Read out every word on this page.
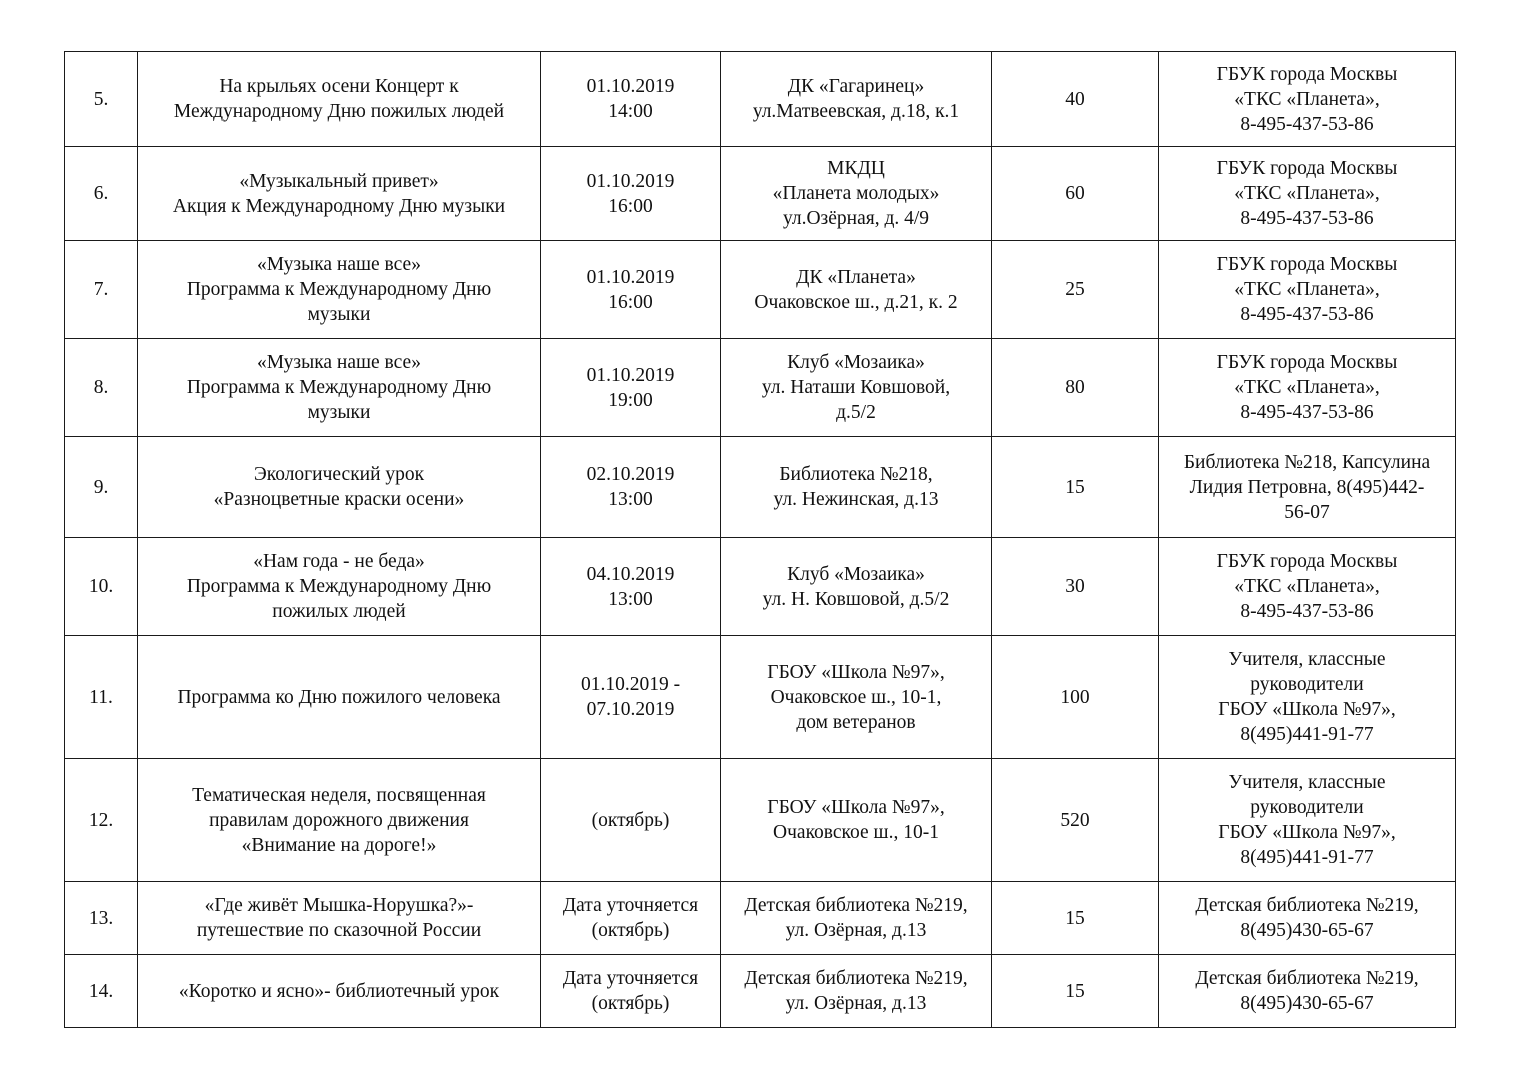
5.	На крыльях осени Концерт к
Международному Дню пожилых людей	01.10.2019
14:00	ДК «Гагаринец»
ул.Матвеевская, д.18, к.1	40	ГБУК города Москвы
«ТКС «Планета»,
8-495-437-53-86
6.	«Музыкальный привет»
Акция к Международному Дню музыки	01.10.2019
16:00	МКДЦ
«Планета молодых»
ул.Озёрная, д. 4/9	60	ГБУК города Москвы
«ТКС «Планета»,
8-495-437-53-86
7.	«Музыка наше все»
Программа к Международному Дню
музыки	01.10.2019
16:00	ДК «Планета»
Очаковское ш., д.21, к. 2	25	ГБУК города Москвы
«ТКС «Планета»,
8-495-437-53-86
8.	«Музыка наше все»
Программа к Международному Дню
музыки	01.10.2019
19:00	Клуб «Мозаика»
ул. Наташи Ковшовой,
д.5/2	80	ГБУК города Москвы
«ТКС «Планета»,
8-495-437-53-86
9.	Экологический урок
«Разноцветные краски осени»	02.10.2019
13:00	Библиотека №218,
ул. Нежинская, д.13	15	Библиотека №218, Капсулина
Лидия Петровна, 8(495)442-
56-07
10.	«Нам года - не беда»
Программа к Международному Дню
пожилых людей	04.10.2019
13:00	Клуб «Мозаика»
ул. Н. Ковшовой, д.5/2	30	ГБУК города Москвы
«ТКС «Планета»,
8-495-437-53-86
11.	Программа ко Дню пожилого человека	01.10.2019 -
07.10.2019	ГБОУ «Школа №97»,
Очаковское ш., 10-1,
дом ветеранов	100	Учителя, классные
руководители
ГБОУ «Школа №97»,
8(495)441-91-77
12.	Тематическая неделя, посвященная
правилам дорожного движения
«Внимание на дороге!»	(октябрь)	ГБОУ «Школа №97»,
Очаковское ш., 10-1	520	Учителя, классные
руководители
ГБОУ «Школа №97»,
8(495)441-91-77
13.	«Где живёт Мышка-Норушка?»-
путешествие по сказочной России	Дата уточняется
(октябрь)	Детская библиотека №219,
ул. Озёрная, д.13	15	Детская библиотека №219,
8(495)430-65-67
14.	«Коротко и ясно»- библиотечный урок	Дата уточняется
(октябрь)	Детская библиотека №219,
ул. Озёрная, д.13	15	Детская библиотека №219,
8(495)430-65-67
